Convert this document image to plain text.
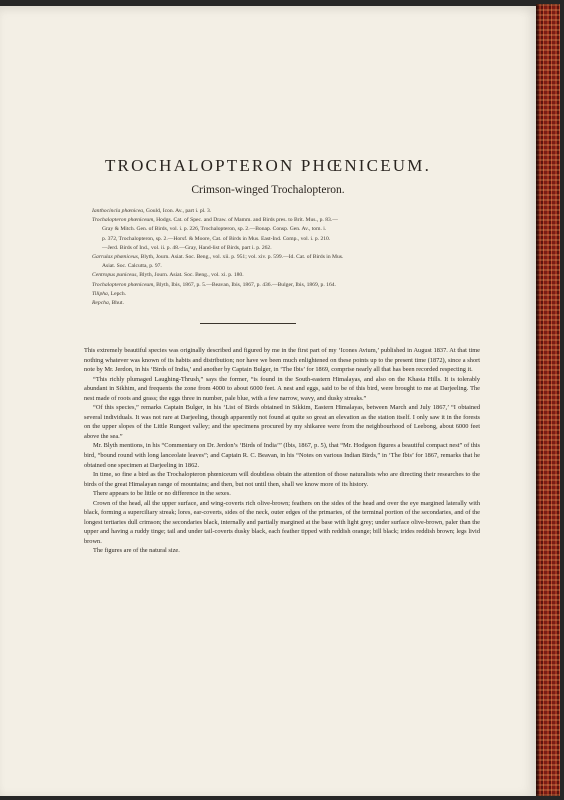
TROCHALOPTERON PHŒNICEUM.
Crimson-winged Trochalopteron.
Ianthocincla phœnicea, Gould, Icon. Av., part i. pl. 3.
Trochalopteron phœniceum, Hodgs. Cat. of Spec. and Draw. of Mamm. and Birds pres. to Brit. Mus., p. 83.—
Gray & Mitch. Gen. of Birds, vol. i. p. 226, Trochalopteron, sp. 2.—Bonap. Consp. Gen. Av., tom. i.
p. 372, Trochalopteron, sp. 2.—Horsf. & Moore, Cat. of Birds in Mus. East-Ind. Comp., vol. i. p. 210.
—Jerd. Birds of Ind., vol. ii. p. 48.—Gray, Hand-list of Birds, part i. p. 262.
Garrulax phœniceus, Blyth, Journ. Asiat. Soc. Beng., vol. xii. p. 951; vol. xiv. p. 599.—Id. Cat. of Birds in Mus.
Asiat. Soc. Calcutta, p. 97.
Centropus puniceus, Blyth, Journ. Asiat. Soc. Beng., vol. xi. p. 180.
Trochalopteron phœniceum, Blyth, Ibis, 1867, p. 5.—Beavan, Ibis, 1867, p. 436.—Bulger, Ibis, 1869, p. 164.
Tilipha, Lepch.
Repcha, Bhut.

This extremely beautiful species was originally described and figured by me in the first part of my ‘Icones Avium,’ published in August 1837. At that time nothing whatever was known of its habits and distribution; nor have we been much enlightened on these points up to the present time (1872), since a short note by Mr. Jerdon, in his ‘Birds of India,’ and another by Captain Bulger, in ‘The Ibis’ for 1869, comprise nearly all that has been recorded respecting it.

“This richly plumaged Laughing-Thrush,” says the former, “is found in the South-eastern Himalayas, and also on the Khasia Hills. It is tolerably abundant in Sikhim, and frequents the zone from 4000 to about 6000 feet. A nest and eggs, said to be of this bird, were brought to me at Darjeeling. The nest made of roots and grass; the eggs three in number, pale blue, with a few narrow, wavy, and dusky streaks.”

“Of this species,” remarks Captain Bulger, in his ‘List of Birds obtained in Sikkim, Eastern Himalayas, between March and July 1867,’ “I obtained several individuals. It was not rare at Darjeeling, though apparently not found at quite so great an elevation as the station itself. I only saw it in the forests on the upper slopes of the Little Rungeet valley; and the specimens procured by my shikaree were from the neighbourhood of Leebong, about 6000 feet above the sea.”

Mr. Blyth mentions, in his “Commentary on Dr. Jerdon’s ‘Birds of India’” (Ibis, 1867, p. 5), that “Mr. Hodgson figures a beautiful compact nest” of this bird, “bound round with long lanceolate leaves”; and Captain R. C. Beavan, in his “Notes on various Indian Birds,” in ‘The Ibis’ for 1867, remarks that he obtained one specimen at Darjeeling in 1862.

In time, so fine a bird as the Trochalopteron phœniceum will doubtless obtain the attention of those naturalists who are directing their researches to the birds of the great Himalayan range of mountains; and then, but not until then, shall we know more of its history.

There appears to be little or no difference in the sexes.

Crown of the head, all the upper surface, and wing-coverts rich olive-brown; feathers on the sides of the head and over the eye margined laterally with black, forming a superciliary streak; lores, ear-coverts, sides of the neck, outer edges of the primaries, of the terminal portion of the secondaries, and of the longest tertiaries dull crimson; the secondaries black, internally and partially margined at the base with light grey; under surface olive-brown, paler than the upper and having a ruddy tinge; tail and under tail-coverts dusky black, each feather tipped with reddish orange; bill black; irides reddish brown; legs livid brown.

The figures are of the natural size.
